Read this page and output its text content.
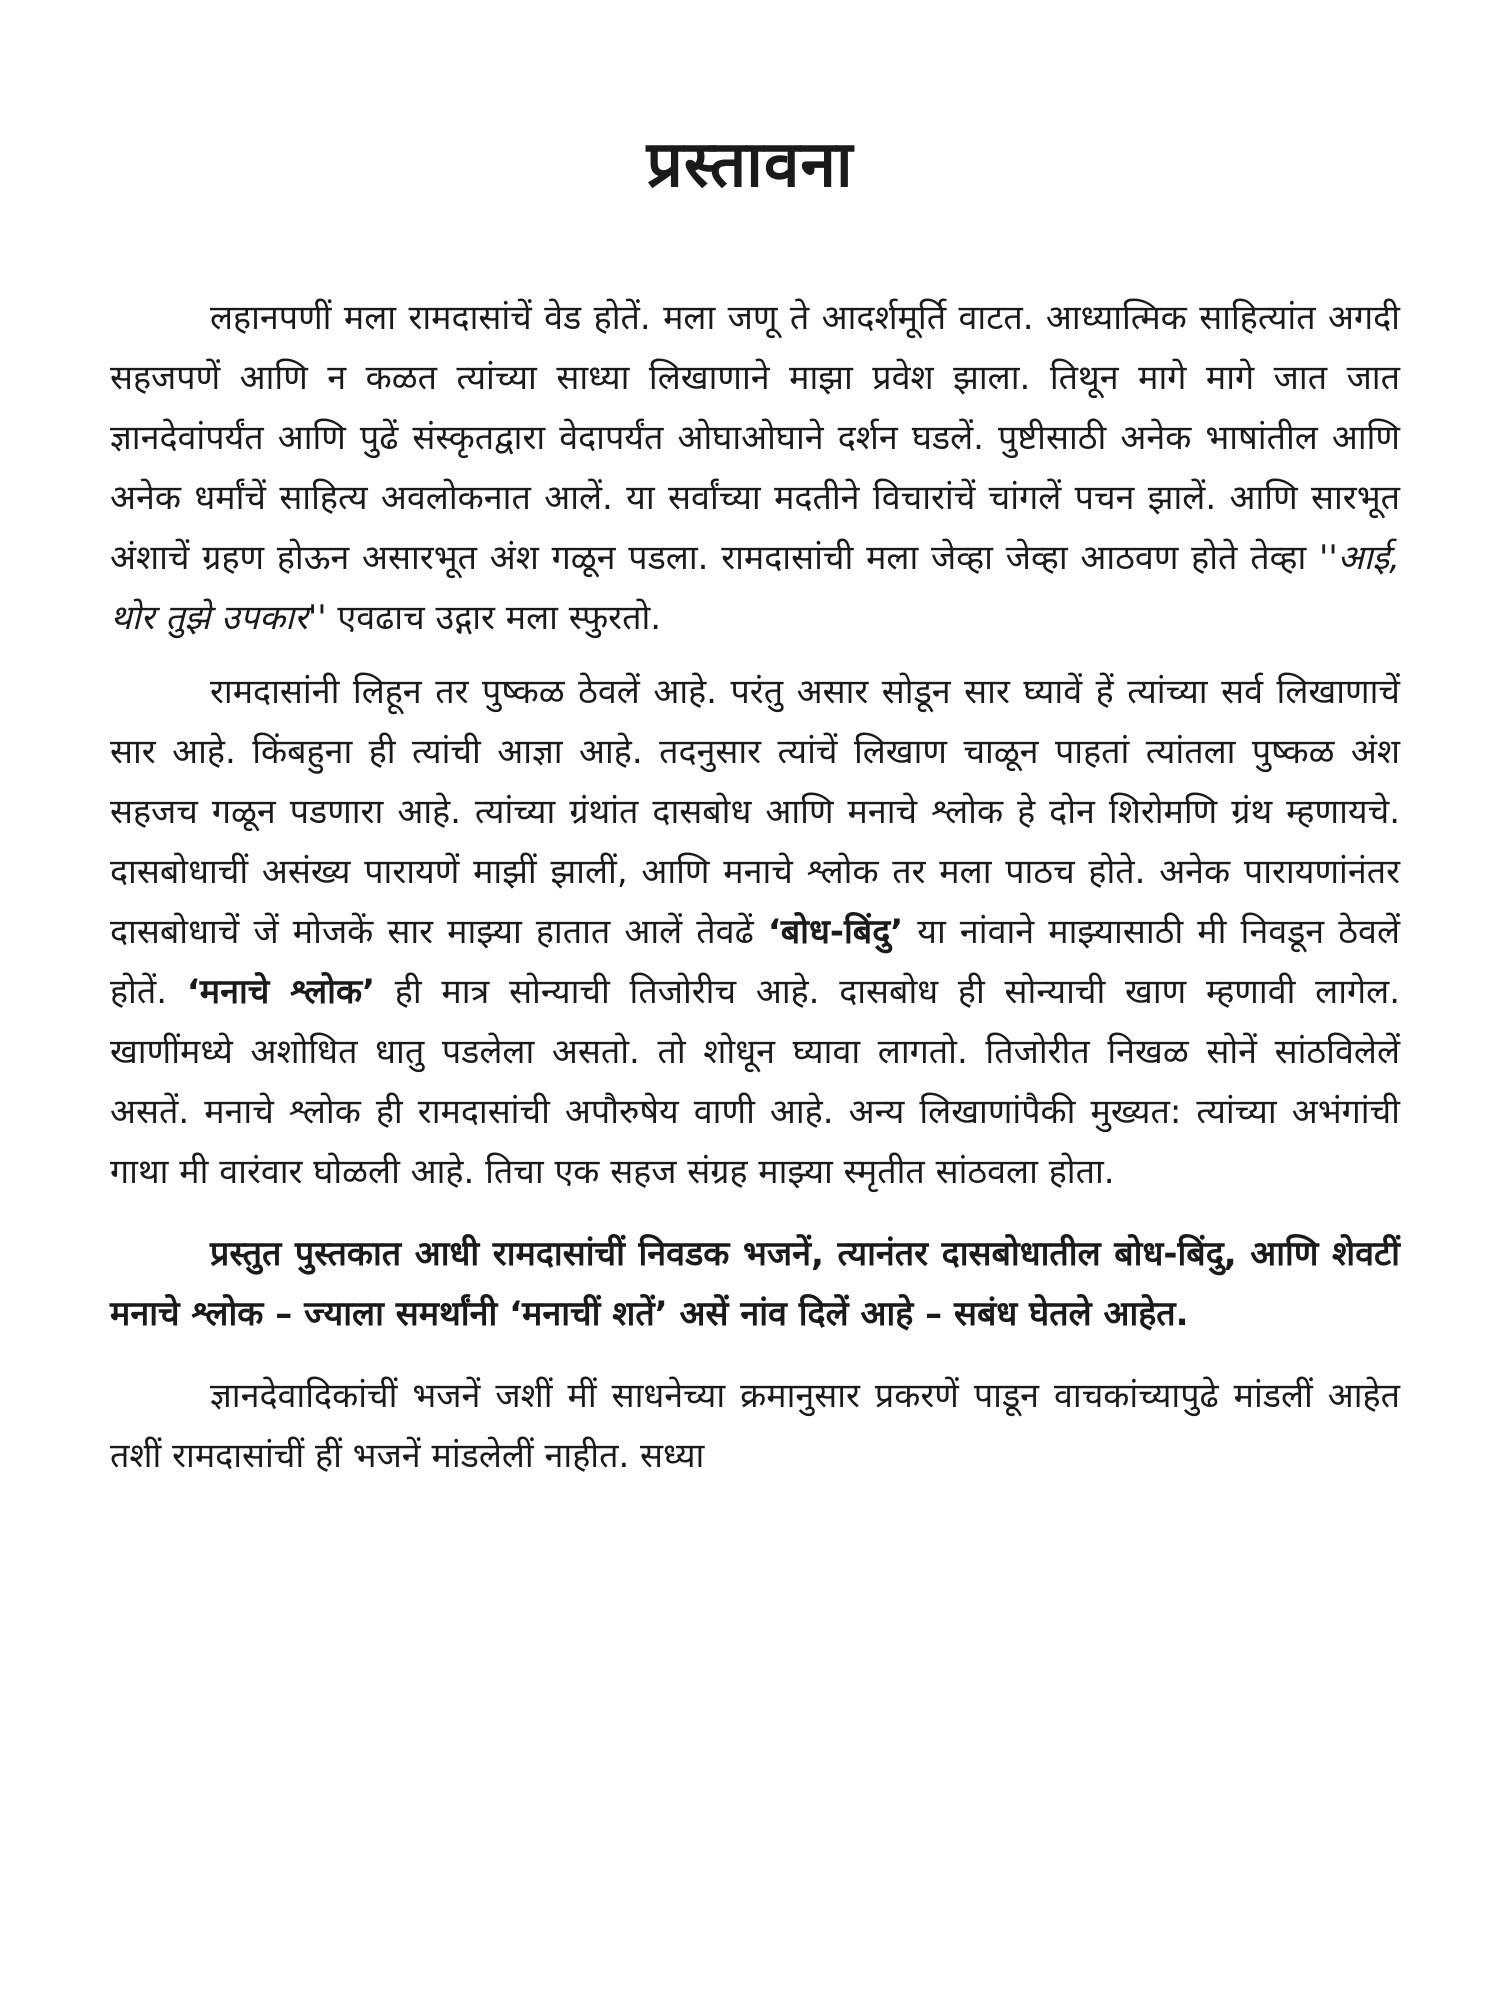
प्रस्तावना

लहानपणीं मला रामदासांचें वेड होतें. मला जणू ते आदर्शमूर्ति वाटत. आध्यात्मिक साहित्यांत अगदी सहजपणें आणि न कळत त्यांच्या साध्या लिखाणाने माझा प्रवेश झाला. तिथून मागे मागे जात जात ज्ञानदेवांपर्यंत आणि पुढें संस्कृतद्वारा वेदापर्यंत ओघाओघाने दर्शन घडलें. पुष्टीसाठी अनेक भाषांतील आणि अनेक धर्मांचें साहित्य अवलोकनात आलें. या सर्वांच्या मदतीने विचारांचें चांगलें पचन झालें. आणि सारभूत अंशाचें ग्रहण होऊन असारभूत अंश गळून पडला. रामदासांची मला जेव्हा जेव्हा आठवण होते तेव्हा ''आई, थोर तुझे उपकार'' एवढाच उद्गार मला स्फुरतो.

रामदासांनी लिहून तर पुष्कळ ठेवलें आहे. परंतु असार सोडून सार घ्यावें हें त्यांच्या सर्व लिखाणाचें सार आहे. किंबहुना ही त्यांची आज्ञा आहे. तदनुसार त्यांचें लिखाण चाळून पाहतां त्यांतला पुष्कळ अंश सहजच गळून पडणारा आहे. त्यांच्या ग्रंथांत दासबोध आणि मनाचे श्लोक हे दोन शिरोमणि ग्रंथ म्हणायचे. दासबोधाचीं असंख्य पारायणें माझीं झालीं, आणि मनाचे श्लोक तर मला पाठच होते. अनेक पारायणांनंतर दासबोधाचें जें मोजकें सार माझ्या हातात आलें तेवढें ‘बोध-बिंदु’ या नांवाने माझ्यासाठी मी निवडून ठेवलें होतें. ‘मनाचे श्लोक’ ही मात्र सोन्याची तिजोरीच आहे. दासबोध ही सोन्याची खाण म्हणावी लागेल. खाणींमध्ये अशोधित धातु पडलेला असतो. तो शोधून घ्यावा लागतो. तिजोरीत निखळ सोनें सांठविलेलें असतें. मनाचे श्लोक ही रामदासांची अपौरुषेय वाणी आहे. अन्य लिखाणांपैकी मुख्यत: त्यांच्या अभंगांची गाथा मी वारंवार घोळली आहे. तिचा एक सहज संग्रह माझ्या स्मृतीत सांठवला होता.

प्रस्तुत पुस्तकात आधी रामदासांचीं निवडक भजनें, त्यानंतर दासबोधातील बोध-बिंदु, आणि शेवटीं मनाचे श्लोक – ज्याला समर्थांनी ‘मनाचीं शतें’ असें नांव दिलें आहे – सबंध घेतले आहेत.

ज्ञानदेवादिकांचीं भजनें जशीं मीं साधनेच्या क्रमानुसार प्रकरणें पाडून वाचकांच्यापुढे मांडलीं आहेत तशीं रामदासांचीं हीं भजनें मांडलेलीं नाहीत. सध्या
